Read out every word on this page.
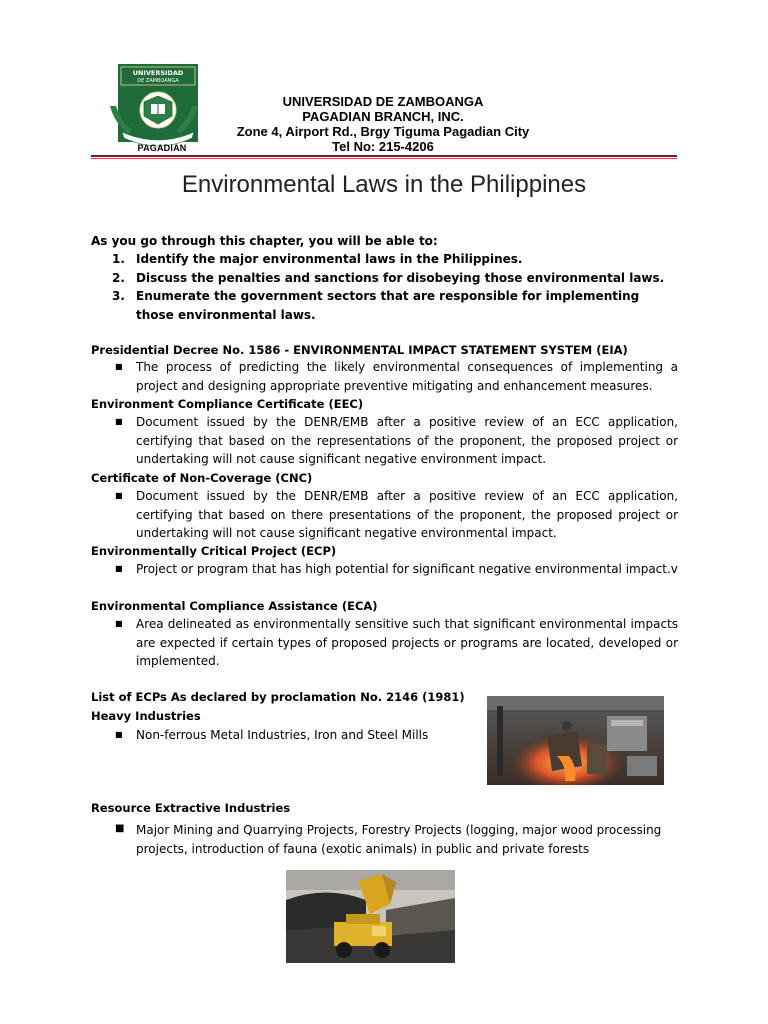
UNIVERSIDAD
DE ZAMBOANGA
PAGADIAN
UNIVERSIDAD DE ZAMBOANGA
PAGADIAN BRANCH, INC.
Zone 4, Airport Rd., Brgy Tiguma Pagadian City
Tel No: 215-4206
Environmental Laws in the Philippines
As you go through this chapter, you will be able to:
1. Identify the major environmental laws in the Philippines.
2. Discuss the penalties and sanctions for disobeying those environmental laws.
3. Enumerate the government sectors that are responsible for implementing those environmental laws.
Presidential Decree No. 1586 - ENVIRONMENTAL IMPACT STATEMENT SYSTEM (EIA)
■	The process of predicting the likely environmental consequences of implementing a project and designing appropriate preventive mitigating and enhancement measures.
Environment Compliance Certificate (EEC)
■	Document issued by the DENR/EMB after a positive review of an ECC application, certifying that based on the representations of the proponent, the proposed project or undertaking will not cause significant negative environment impact.
Certificate of Non-Coverage (CNC)
■	Document issued by the DENR/EMB after a positive review of an ECC application, certifying that based on there presentations of the proponent, the proposed project or undertaking will not cause significant negative environmental impact.
Environmentally Critical Project (ECP)
■	Project or program that has high potential for significant negative environmental impact.v
Environmental Compliance Assistance (ECA)
■	Area delineated as environmentally sensitive such that significant environmental impacts are expected if certain types of proposed projects or programs are located, developed or implemented.
List of ECPs As declared by proclamation No. 2146 (1981)
Heavy Industries
■	Non-ferrous Metal Industries, Iron and Steel Mills
Resource Extractive Industries
■ Major Mining and Quarrying Projects, Forestry Projects (logging, major wood processing projects, introduction of fauna (exotic animals) in public and private forests
